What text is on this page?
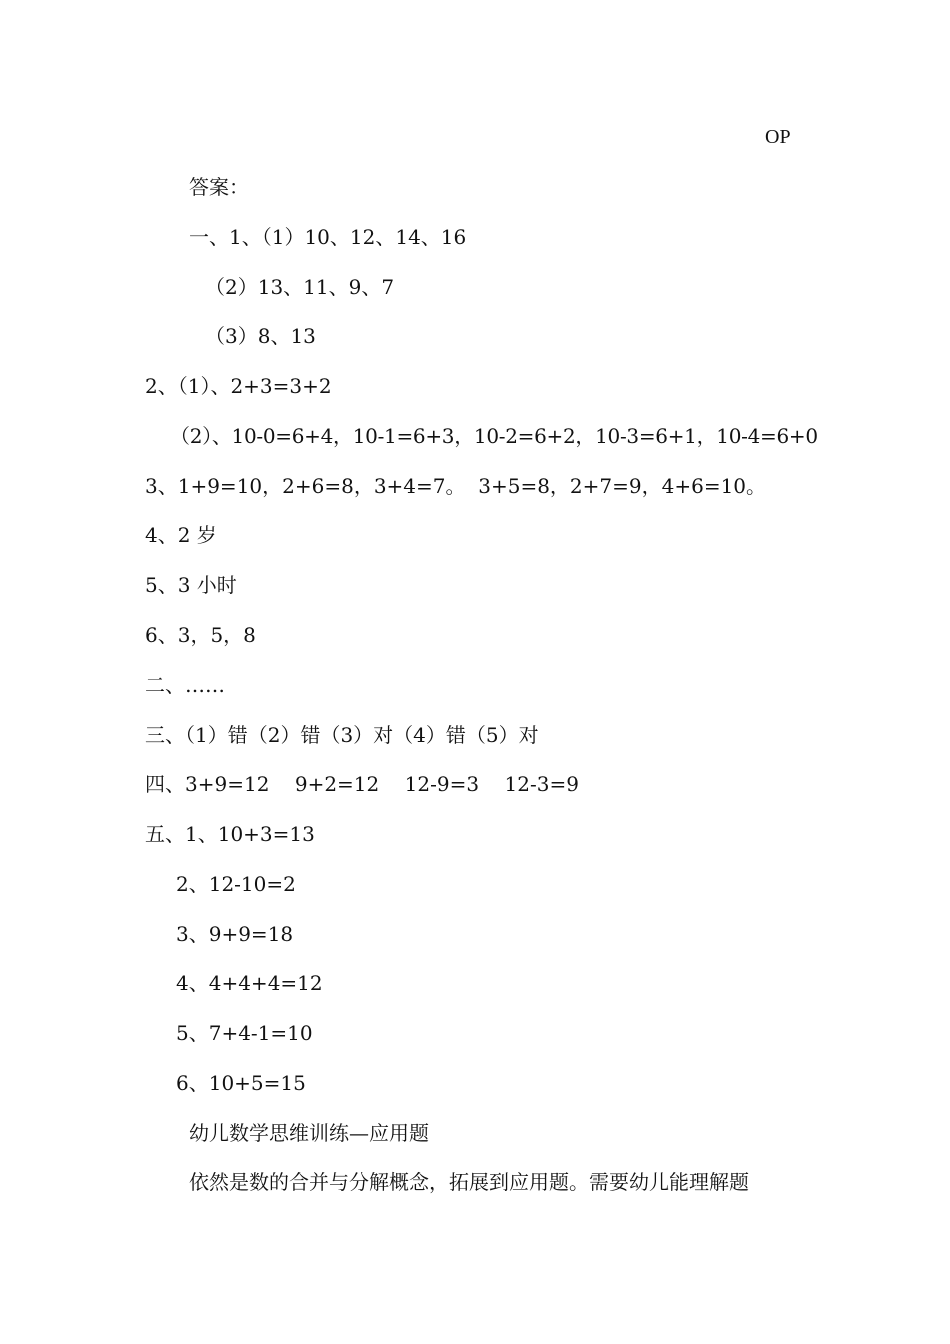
OP
答案：
一、1、（1）10、12、14、16
（2）13、11、9、7
（3）8、13
2、（1）、2+3=3+2
（2）、10-0=6+4，10-1=6+3，10-2=6+2，10-3=6+1，10-4=6+0
3、1+9=10，2+6=8，3+4=7。  3+5=8，2+7=9，4+6=10。
4、2 岁
5、3 小时
6、3，5，8
二、……
三、（1）错（2）错（3）对（4）错（5）对
四、3+9=12    9+2=12    12-9=3    12-3=9
五、1、10+3=13
2、12-10=2
3、9+9=18
4、4+4+4=12
5、7+4-1=10
6、10+5=15
幼儿数学思维训练—应用题
依然是数的合并与分解概念，拓展到应用题。需要幼儿能理解题
